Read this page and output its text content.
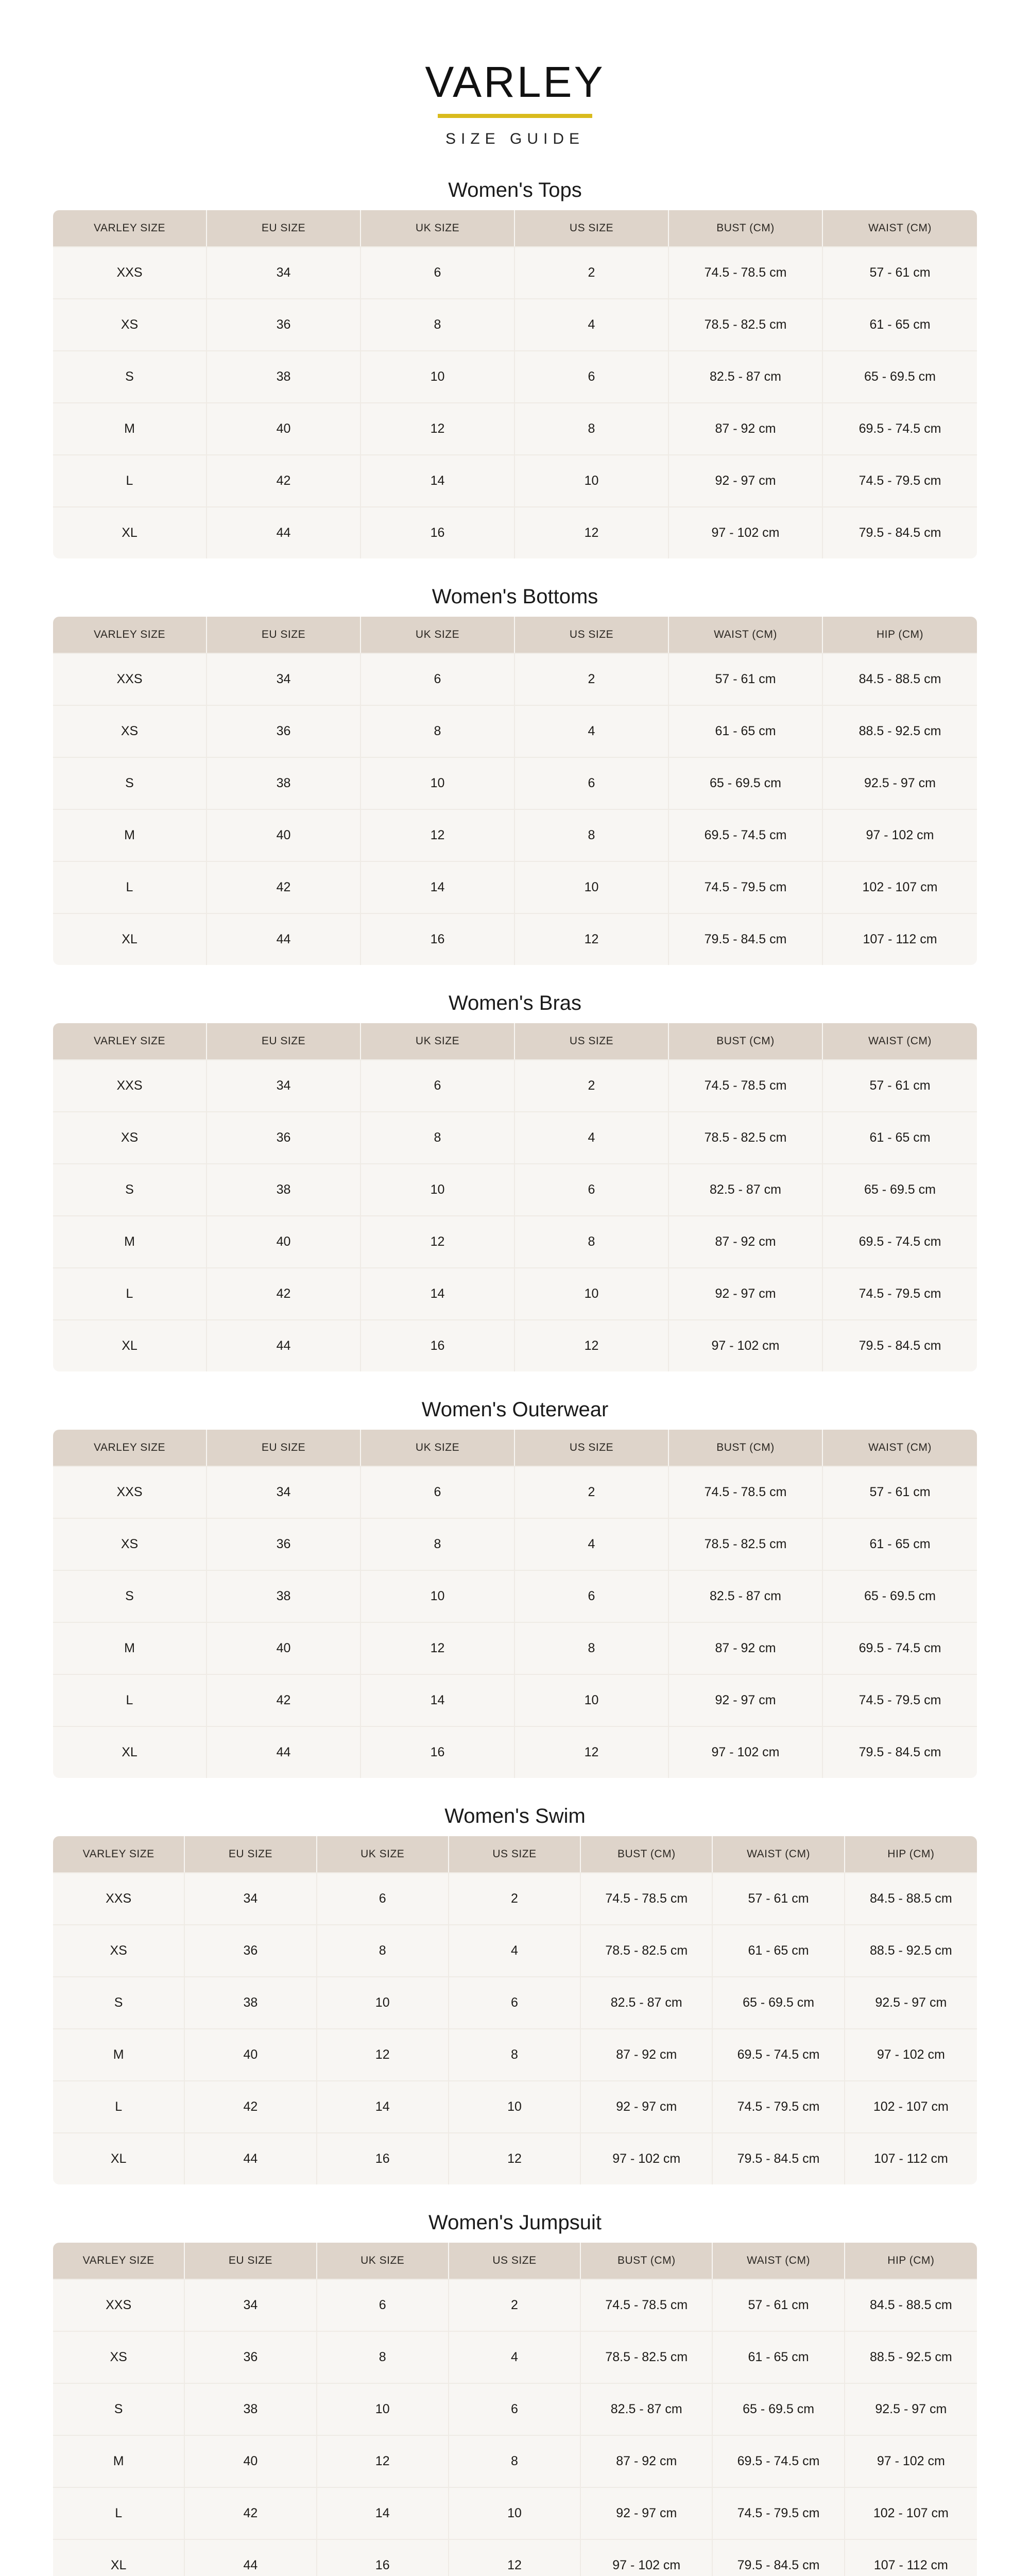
VARLEY
SIZE GUIDE
Women's Tops
VARLEY SIZE	EU SIZE	UK SIZE	US SIZE	BUST (CM)	WAIST (CM)
XXS	34	6	2	74.5 - 78.5 cm	57 - 61 cm
XS	36	8	4	78.5 - 82.5 cm	61 - 65 cm
S	38	10	6	82.5 - 87 cm	65 - 69.5 cm
M	40	12	8	87 - 92 cm	69.5 - 74.5 cm
L	42	14	10	92 - 97 cm	74.5 - 79.5 cm
XL	44	16	12	97 - 102 cm	79.5 - 84.5 cm
Women's Bottoms
VARLEY SIZE	EU SIZE	UK SIZE	US SIZE	WAIST (CM)	HIP (CM)
XXS	34	6	2	57 - 61 cm	84.5 - 88.5 cm
XS	36	8	4	61 - 65 cm	88.5 - 92.5 cm
S	38	10	6	65 - 69.5 cm	92.5 - 97 cm
M	40	12	8	69.5 - 74.5 cm	97 - 102 cm
L	42	14	10	74.5 - 79.5 cm	102 - 107 cm
XL	44	16	12	79.5 - 84.5 cm	107 - 112 cm
Women's Bras
VARLEY SIZE	EU SIZE	UK SIZE	US SIZE	BUST (CM)	WAIST (CM)
XXS	34	6	2	74.5 - 78.5 cm	57 - 61 cm
XS	36	8	4	78.5 - 82.5 cm	61 - 65 cm
S	38	10	6	82.5 - 87 cm	65 - 69.5 cm
M	40	12	8	87 - 92 cm	69.5 - 74.5 cm
L	42	14	10	92 - 97 cm	74.5 - 79.5 cm
XL	44	16	12	97 - 102 cm	79.5 - 84.5 cm
Women's Outerwear
VARLEY SIZE	EU SIZE	UK SIZE	US SIZE	BUST (CM)	WAIST (CM)
XXS	34	6	2	74.5 - 78.5 cm	57 - 61 cm
XS	36	8	4	78.5 - 82.5 cm	61 - 65 cm
S	38	10	6	82.5 - 87 cm	65 - 69.5 cm
M	40	12	8	87 - 92 cm	69.5 - 74.5 cm
L	42	14	10	92 - 97 cm	74.5 - 79.5 cm
XL	44	16	12	97 - 102 cm	79.5 - 84.5 cm
Women's Swim
VARLEY SIZE	EU SIZE	UK SIZE	US SIZE	BUST (CM)	WAIST (CM)	HIP (CM)
XXS	34	6	2	74.5 - 78.5 cm	57 - 61 cm	84.5 - 88.5 cm
XS	36	8	4	78.5 - 82.5 cm	61 - 65 cm	88.5 - 92.5 cm
S	38	10	6	82.5 - 87 cm	65 - 69.5 cm	92.5 - 97 cm
M	40	12	8	87 - 92 cm	69.5 - 74.5 cm	97 - 102 cm
L	42	14	10	92 - 97 cm	74.5 - 79.5 cm	102 - 107 cm
XL	44	16	12	97 - 102 cm	79.5 - 84.5 cm	107 - 112 cm
Women's Jumpsuit
VARLEY SIZE	EU SIZE	UK SIZE	US SIZE	BUST (CM)	WAIST (CM)	HIP (CM)
XXS	34	6	2	74.5 - 78.5 cm	57 - 61 cm	84.5 - 88.5 cm
XS	36	8	4	78.5 - 82.5 cm	61 - 65 cm	88.5 - 92.5 cm
S	38	10	6	82.5 - 87 cm	65 - 69.5 cm	92.5 - 97 cm
M	40	12	8	87 - 92 cm	69.5 - 74.5 cm	97 - 102 cm
L	42	14	10	92 - 97 cm	74.5 - 79.5 cm	102 - 107 cm
XL	44	16	12	97 - 102 cm	79.5 - 84.5 cm	107 - 112 cm
